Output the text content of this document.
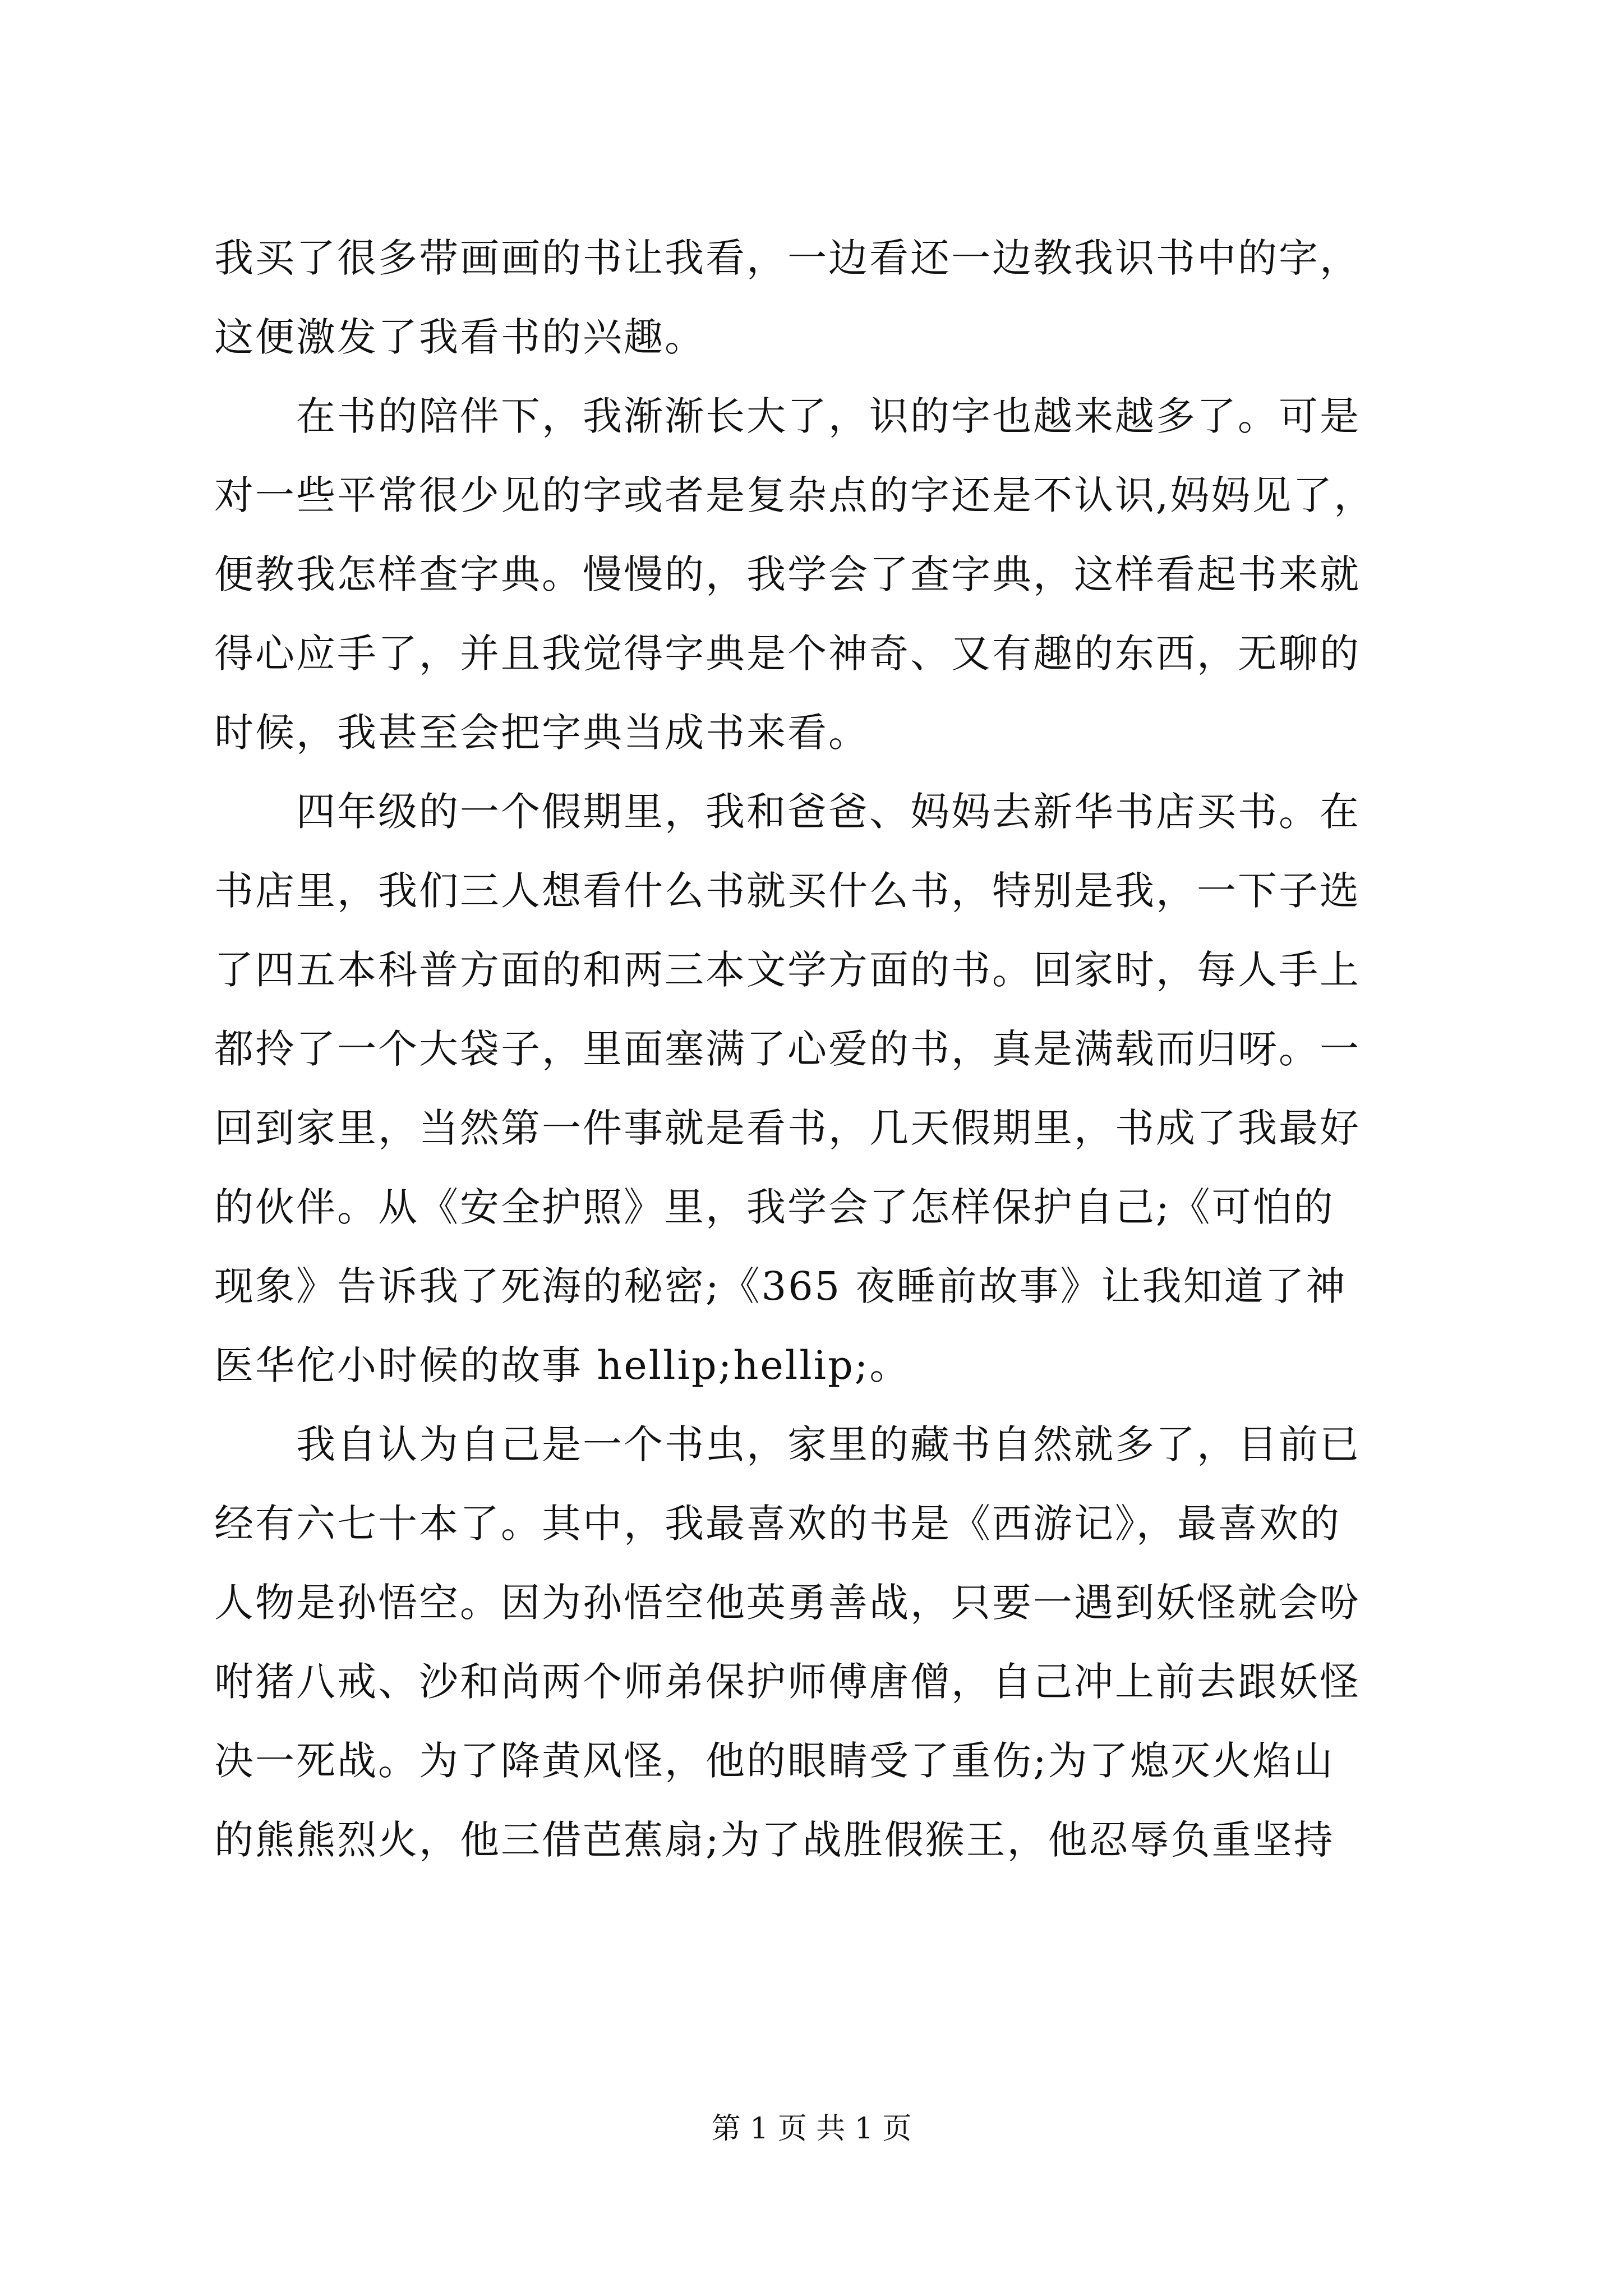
我买了很多带画画的书让我看，一边看还一边教我识书中的字，
这便激发了我看书的兴趣。
　　在书的陪伴下，我渐渐长大了，识的字也越来越多了。可是
对一些平常很少见的字或者是复杂点的字还是不认识,妈妈见了，
便教我怎样查字典。慢慢的，我学会了查字典，这样看起书来就
得心应手了，并且我觉得字典是个神奇、又有趣的东西，无聊的
时候，我甚至会把字典当成书来看。
　　四年级的一个假期里，我和爸爸、妈妈去新华书店买书。在
书店里，我们三人想看什么书就买什么书，特别是我，一下子选
了四五本科普方面的和两三本文学方面的书。回家时，每人手上
都拎了一个大袋子，里面塞满了心爱的书，真是满载而归呀。一
回到家里，当然第一件事就是看书，几天假期里，书成了我最好
的伙伴。从《安全护照》里，我学会了怎样保护自己;《可怕的
现象》告诉我了死海的秘密;《365 夜睡前故事》让我知道了神
医华佗小时候的故事 hellip;hellip;。
　　我自认为自己是一个书虫，家里的藏书自然就多了，目前已
经有六七十本了。其中，我最喜欢的书是《西游记》，最喜欢的
人物是孙悟空。因为孙悟空他英勇善战，只要一遇到妖怪就会吩
咐猪八戒、沙和尚两个师弟保护师傅唐僧，自己冲上前去跟妖怪
决一死战。为了降黄风怪，他的眼睛受了重伤;为了熄灭火焰山
的熊熊烈火，他三借芭蕉扇;为了战胜假猴王，他忍辱负重坚持
第 1 页 共 1 页
